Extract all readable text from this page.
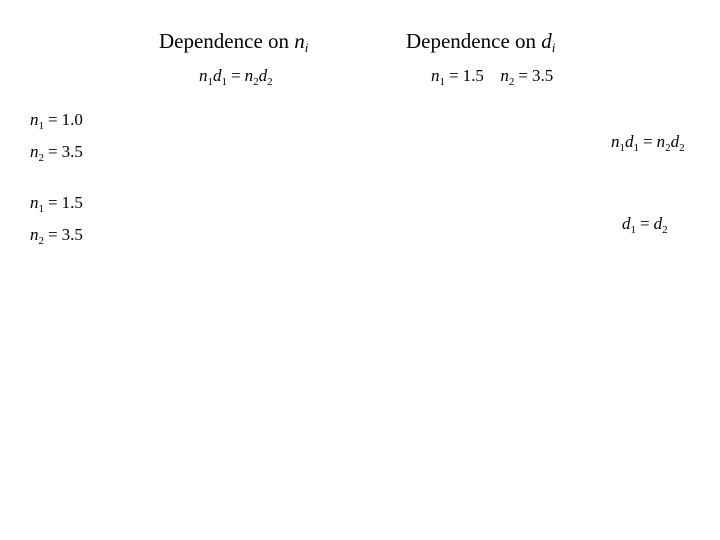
Dependence on $n_i$	Dependence on $d_i$
$n_1d_1 = n_2d_2$	$n_1 = 1.5$ $n_2 = 3.5$
$n_1 = 1.0$
$n_2 = 3.5$
$n_1 = 1.5$
$n_2 = 3.5$
$n_1d_1 = n_2d_2$
$d_1 = d_2$
